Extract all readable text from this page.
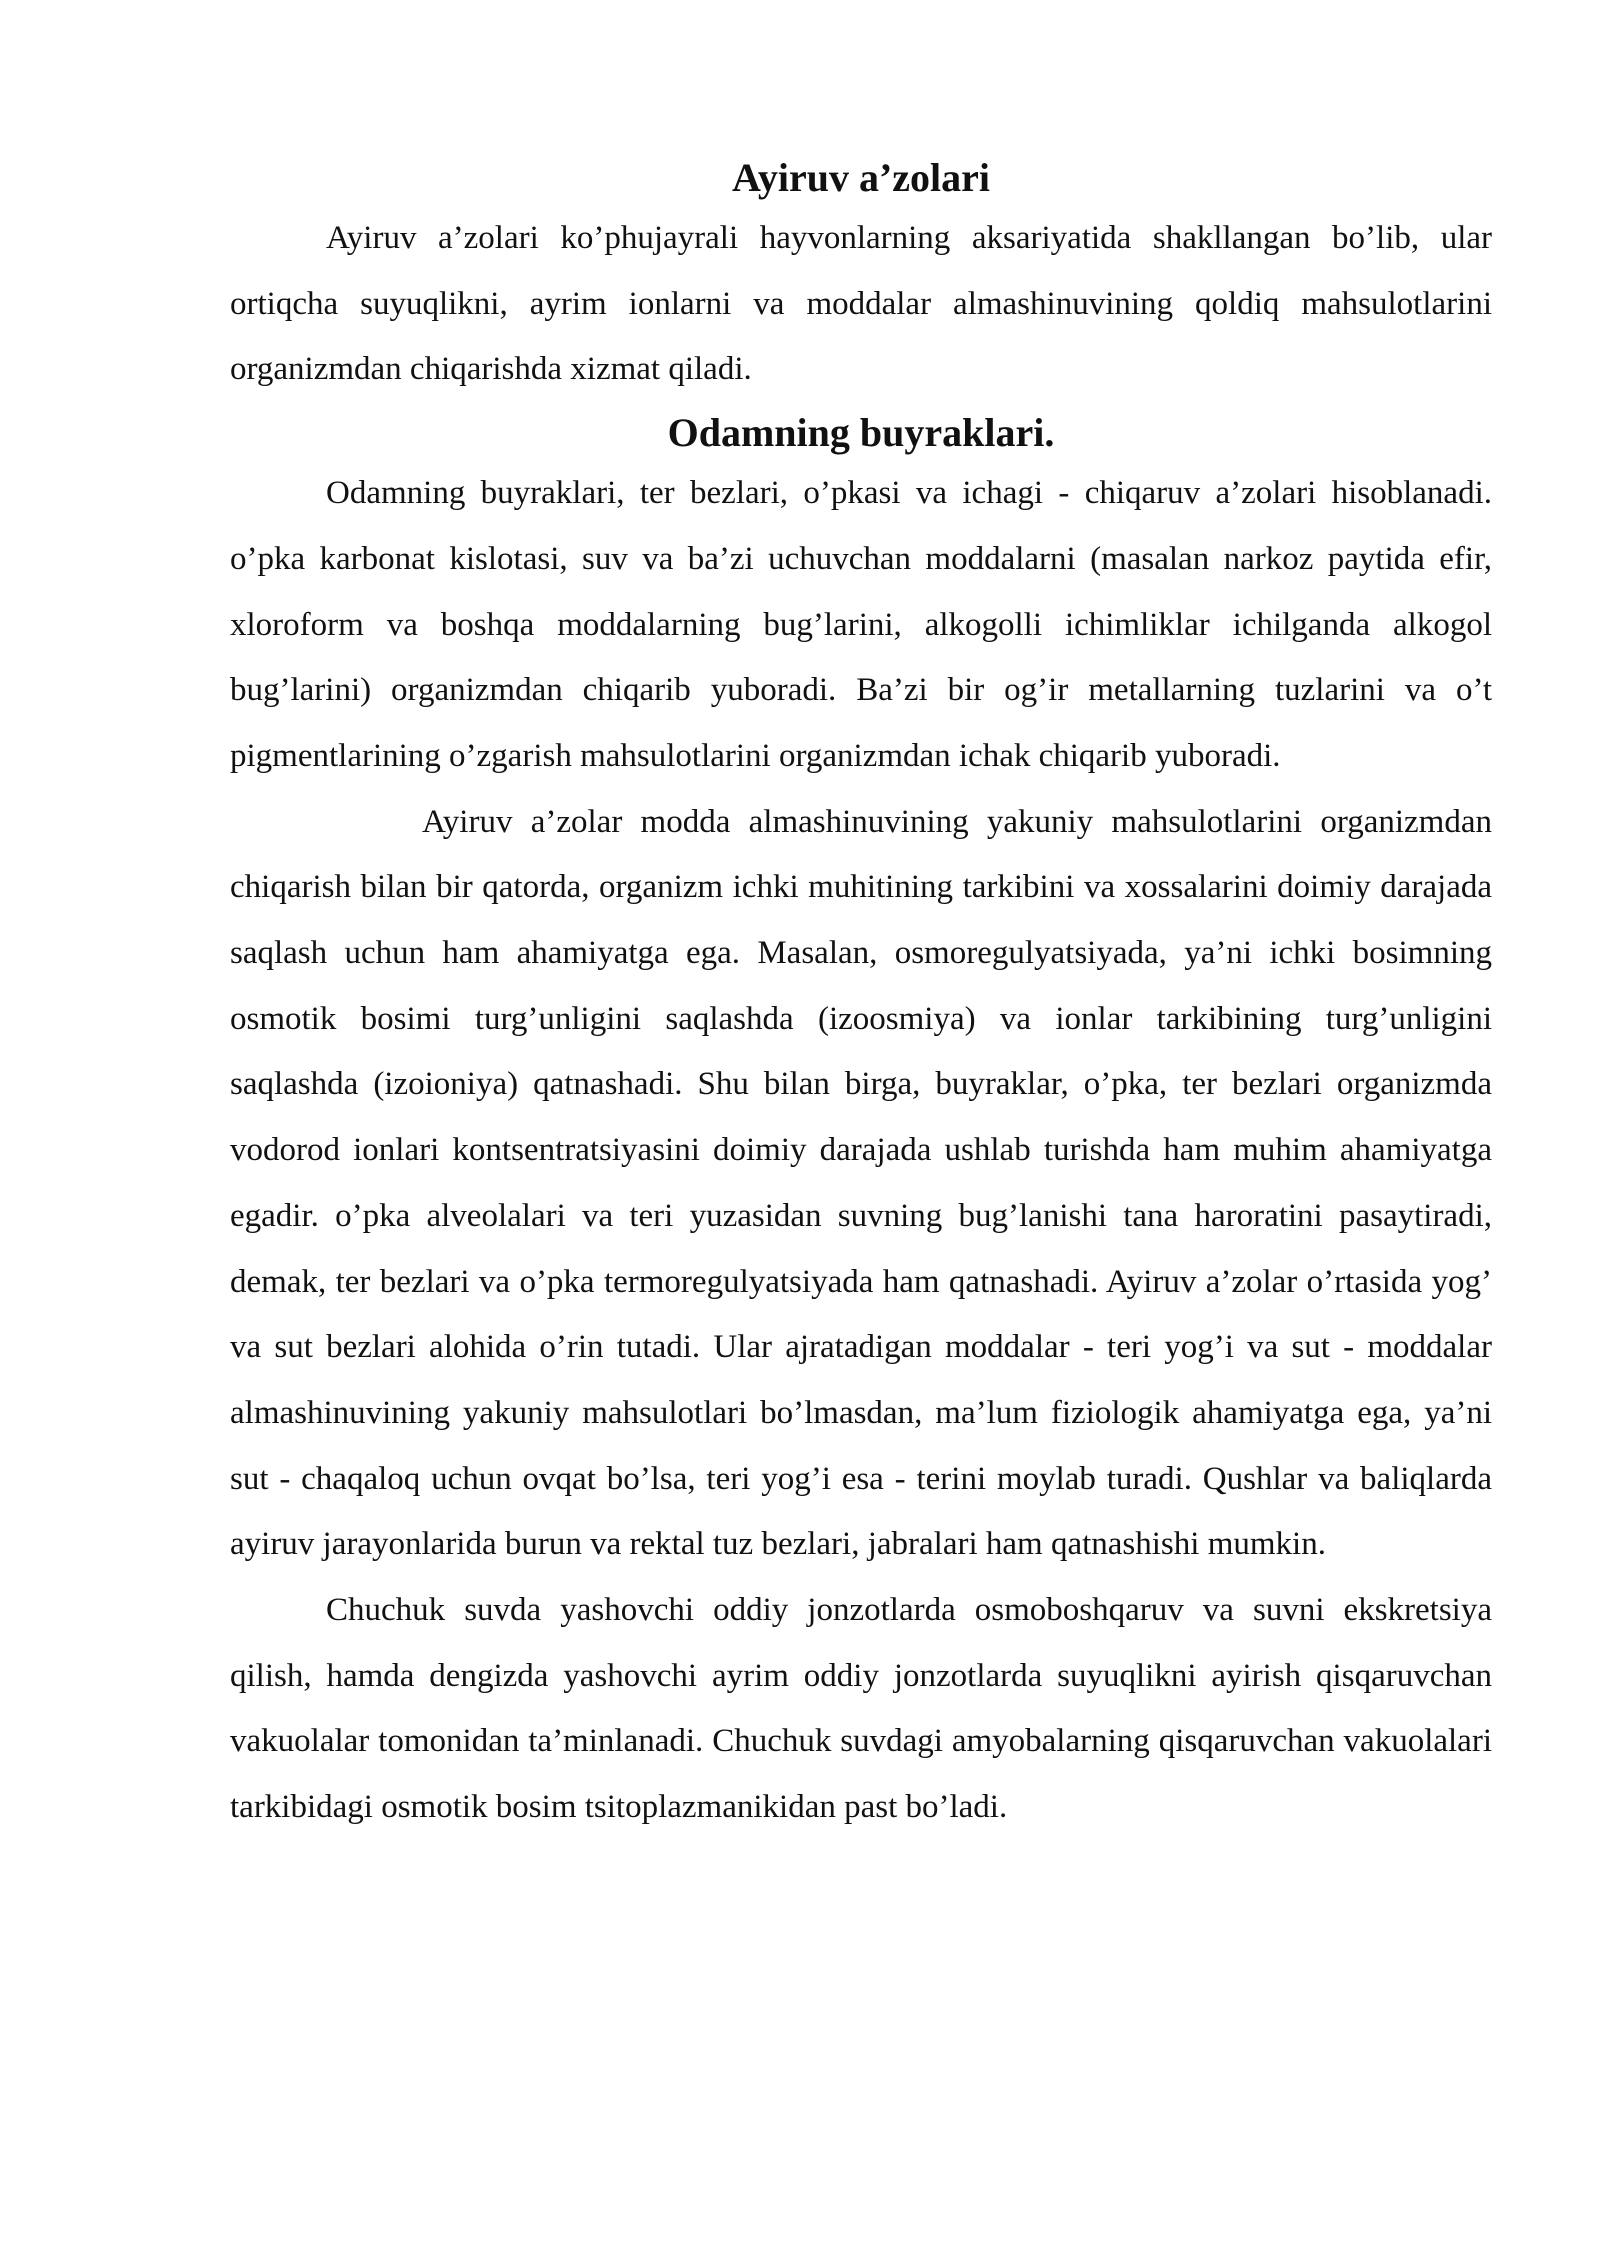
Ayiruv a’zolari

Ayiruv a’zolari ko’phujayrali hayvonlarning aksariyatida shakllangan bo’lib, ular ortiqcha suyuqlikni, ayrim ionlarni va moddalar almashinuvining qoldiq mahsulotlarini organizmdan chiqarishda xizmat qiladi.

Odamning buyraklari.

Odamning buyraklari, ter bezlari, o’pkasi va ichagi - chiqaruv a’zolari hisoblanadi. o’pka karbonat kislotasi, suv va ba’zi uchuvchan moddalarni (masalan narkoz paytida efir, xloroform va boshqa moddalarning bug’larini, alkogolli ichimliklar ichilganda alkogol bug’larini) organizmdan chiqarib yuboradi. Ba’zi bir og’ir metallarning tuzlarini va o’t pigmentlarining o’zgarish mahsulotlarini organizmdan ichak chiqarib yuboradi.

Ayiruv a’zolar modda almashinuvining yakuniy mahsulotlarini organizmdan chiqarish bilan bir qatorda, organizm ichki muhitining tarkibini va xossalarini doimiy darajada saqlash uchun ham ahamiyatga ega. Masalan, osmoregulyatsiyada, ya’ni ichki bosimning osmotik bosimi turg’unligini saqlashda (izoosmiya) va ionlar tarkibining turg’unligini saqlashda (izoioniya) qatnashadi. Shu bilan birga, buyraklar, o’pka, ter bezlari organizmda vodorod ionlari kontsentratsiyasini doimiy darajada ushlab turishda ham muhim ahamiyatga egadir. o’pka alveolalari va teri yuzasidan suvning bug’lanishi tana haroratini pasaytiradi, demak, ter bezlari va o’pka termoregulyatsiyada ham qatnashadi. Ayiruv a’zolar o’rtasida yog’ va sut bezlari alohida o’rin tutadi. Ular ajratadigan moddalar - teri yog’i va sut - moddalar almashinuvining yakuniy mahsulotlari bo’lmasdan, ma’lum fiziologik ahamiyatga ega, ya’ni sut - chaqaloq uchun ovqat bo’lsa, teri yog’i esa - terini moylab turadi. Qushlar va baliqlarda ayiruv jarayonlarida burun va rektal tuz bezlari, jabralari ham qatnashishi mumkin.

Chuchuk suvda yashovchi oddiy jonzotlarda osmoboshqaruv va suvni ekskretsiya qilish, hamda dengizda yashovchi ayrim oddiy jonzotlarda suyuqlikni ayirish qisqaruvchan vakuolalar tomonidan ta’minlanadi. Chuchuk suvdagi amyobalarning qisqaruvchan vakuolalari tarkibidagi osmotik bosim tsitoplazmanikidan past bo’ladi.
